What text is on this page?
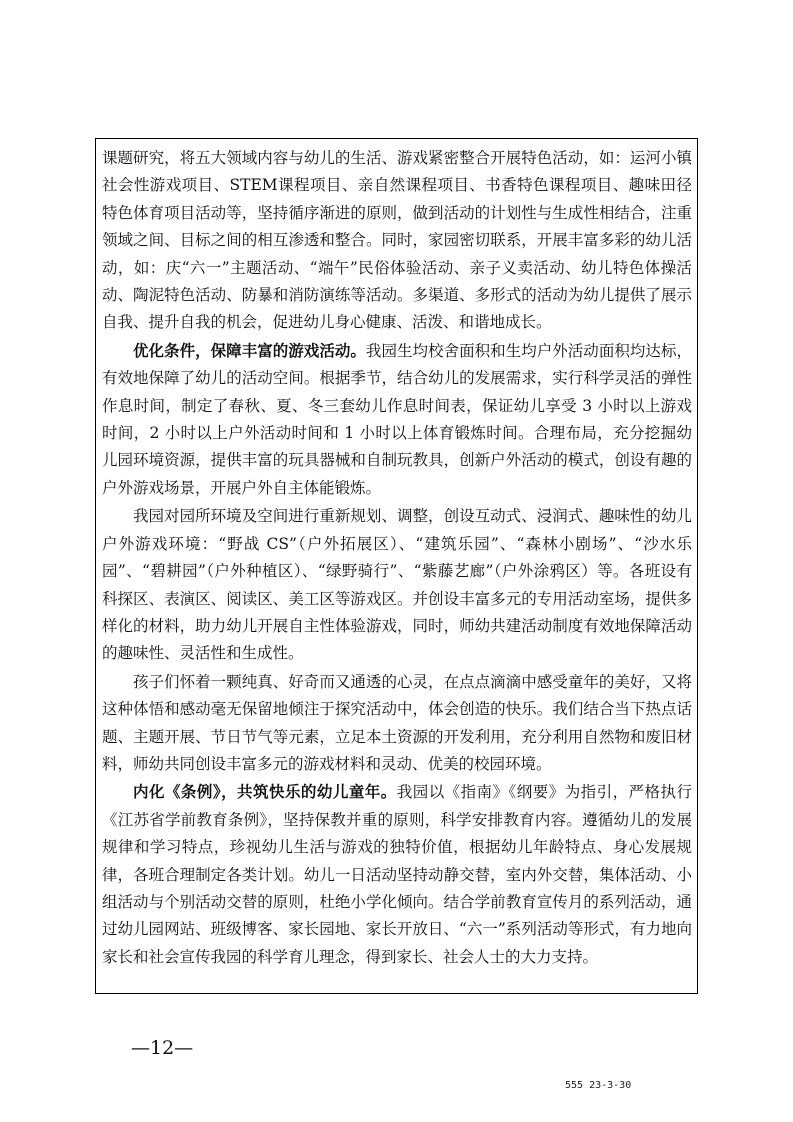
课题研究，将五大领域内容与幼儿的生活、游戏紧密整合开展特色活动，如：运河小镇社会性游戏项目、STEM课程项目、亲自然课程项目、书香特色课程项目、趣味田径特色体育项目活动等，坚持循序渐进的原则，做到活动的计划性与生成性相结合，注重领域之间、目标之间的相互渗透和整合。同时，家园密切联系，开展丰富多彩的幼儿活动，如：庆“六一”主题活动、“端午”民俗体验活动、亲子义卖活动、幼儿特色体操活动、陶泥特色活动、防暴和消防演练等活动。多渠道、多形式的活动为幼儿提供了展示自我、提升自我的机会，促进幼儿身心健康、活泼、和谐地成长。

优化条件，保障丰富的游戏活动。我园生均校舍面积和生均户外活动面积均达标，有效地保障了幼儿的活动空间。根据季节，结合幼儿的发展需求，实行科学灵活的弹性作息时间，制定了春秋、夏、冬三套幼儿作息时间表，保证幼儿享受 3 小时以上游戏时间，2 小时以上户外活动时间和 1 小时以上体育锻炼时间。合理布局，充分挖掘幼儿园环境资源，提供丰富的玩具器械和自制玩教具，创新户外活动的模式，创设有趣的户外游戏场景，开展户外自主体能锻炼。

我园对园所环境及空间进行重新规划、调整，创设互动式、浸润式、趣味性的幼儿户外游戏环境：“野战 CS”（户外拓展区）、“建筑乐园”、“森林小剧场”、“沙水乐园”、“碧耕园”（户外种植区）、“绿野骑行”、“紫藤艺廊”（户外涂鸦区）等。各班设有科探区、表演区、阅读区、美工区等游戏区。并创设丰富多元的专用活动室场，提供多样化的材料，助力幼儿开展自主性体验游戏，同时，师幼共建活动制度有效地保障活动的趣味性、灵活性和生成性。

孩子们怀着一颗纯真、好奇而又通透的心灵，在点点滴滴中感受童年的美好，又将这种体悟和感动毫无保留地倾注于探究活动中，体会创造的快乐。我们结合当下热点话题、主题开展、节日节气等元素，立足本土资源的开发利用，充分利用自然物和废旧材料，师幼共同创设丰富多元的游戏材料和灵动、优美的校园环境。

内化《条例》，共筑快乐的幼儿童年。我园以《指南》《纲要》为指引，严格执行《江苏省学前教育条例》，坚持保教并重的原则，科学安排教育内容。遵循幼儿的发展规律和学习特点，珍视幼儿生活与游戏的独特价值，根据幼儿年龄特点、身心发展规律，各班合理制定各类计划。幼儿一日活动坚持动静交替，室内外交替，集体活动、小组活动与个别活动交替的原则，杜绝小学化倾向。结合学前教育宣传月的系列活动，通过幼儿园网站、班级博客、家长园地、家长开放日、“六一”系列活动等形式，有力地向家长和社会宣传我园的科学育儿理念，得到家长、社会人士的大力支持。

—12—
555 23-3-30
